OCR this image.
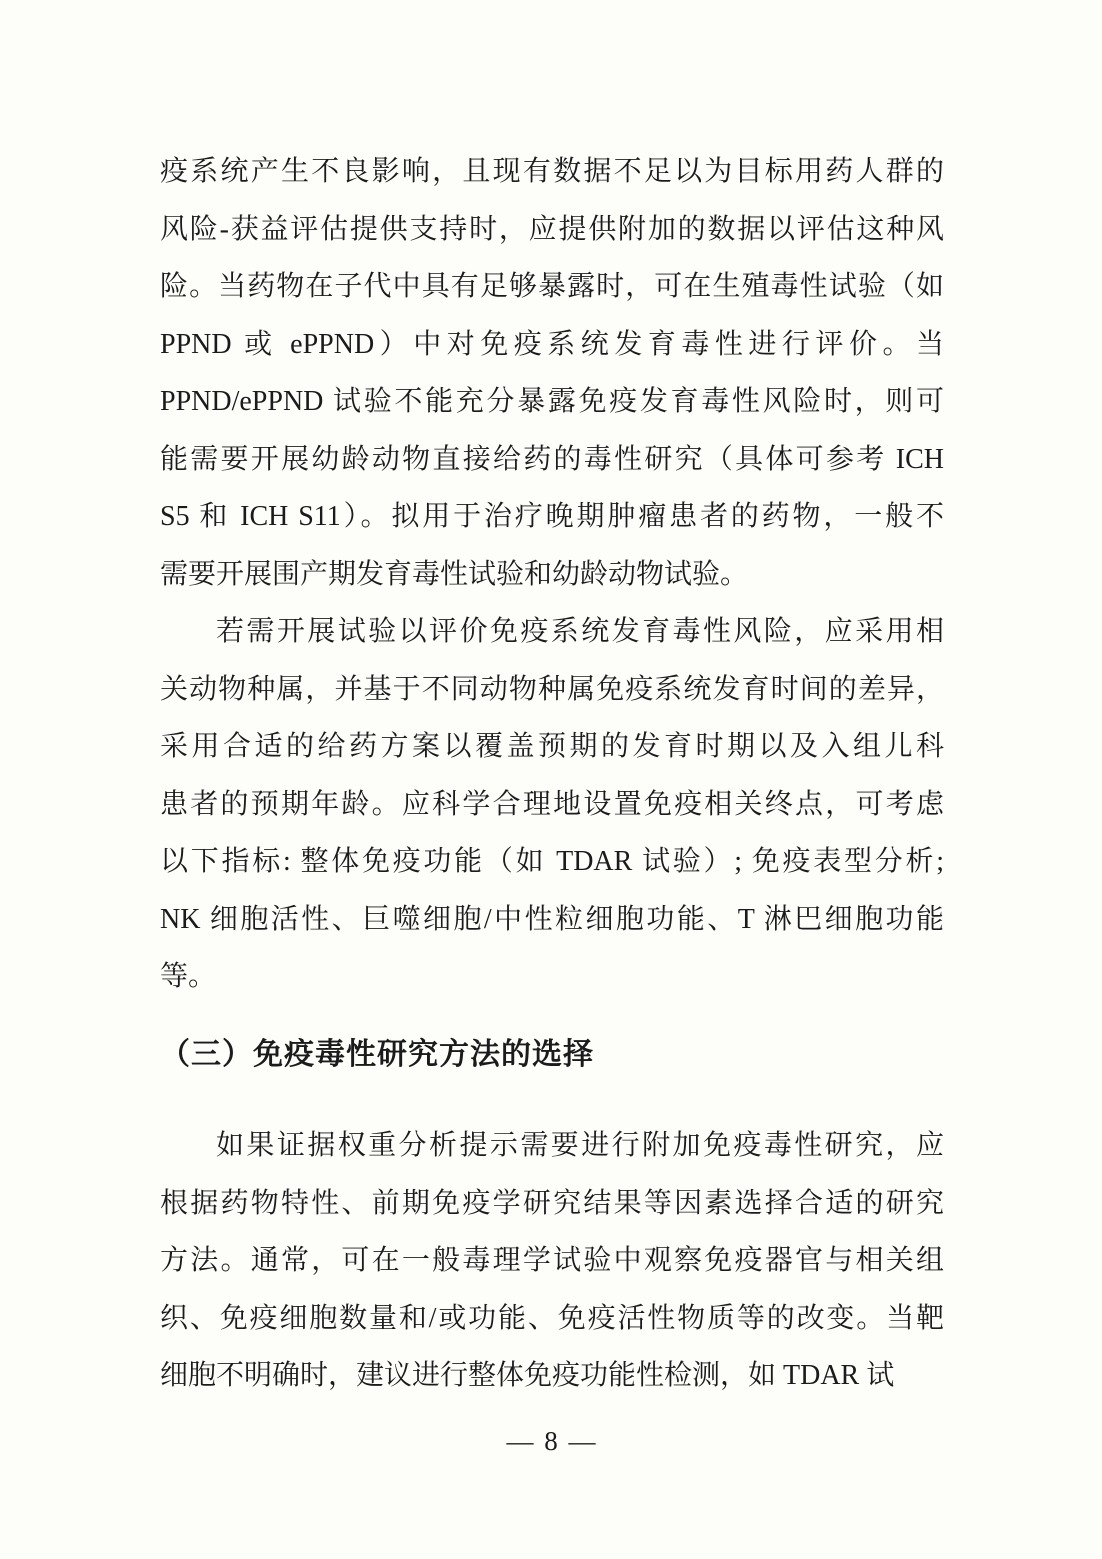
疫系统产生不良影响，且现有数据不足以为目标用药人群的
风险-获益评估提供支持时，应提供附加的数据以评估这种风
险。当药物在子代中具有足够暴露时，可在生殖毒性试验（如
PPND 或 ePPND）中对免疫系统发育毒性进行评价。当
PPND/ePPND 试验不能充分暴露免疫发育毒性风险时，则可
能需要开展幼龄动物直接给药的毒性研究（具体可参考 ICH
S5 和 ICH S11）。拟用于治疗晚期肿瘤患者的药物，一般不
需要开展围产期发育毒性试验和幼龄动物试验。
若需开展试验以评价免疫系统发育毒性风险，应采用相
关动物种属，并基于不同动物种属免疫系统发育时间的差异，
采用合适的给药方案以覆盖预期的发育时期以及入组儿科
患者的预期年龄。应科学合理地设置免疫相关终点，可考虑
以下指标: 整体免疫功能（如 TDAR 试验）; 免疫表型分析;
NK 细胞活性、巨噬细胞/中性粒细胞功能、T 淋巴细胞功能
等。
（三）免疫毒性研究方法的选择
如果证据权重分析提示需要进行附加免疫毒性研究，应
根据药物特性、前期免疫学研究结果等因素选择合适的研究
方法。通常，可在一般毒理学试验中观察免疫器官与相关组
织、免疫细胞数量和/或功能、免疫活性物质等的改变。当靶
细胞不明确时，建议进行整体免疫功能性检测，如 TDAR 试
— 8 —
